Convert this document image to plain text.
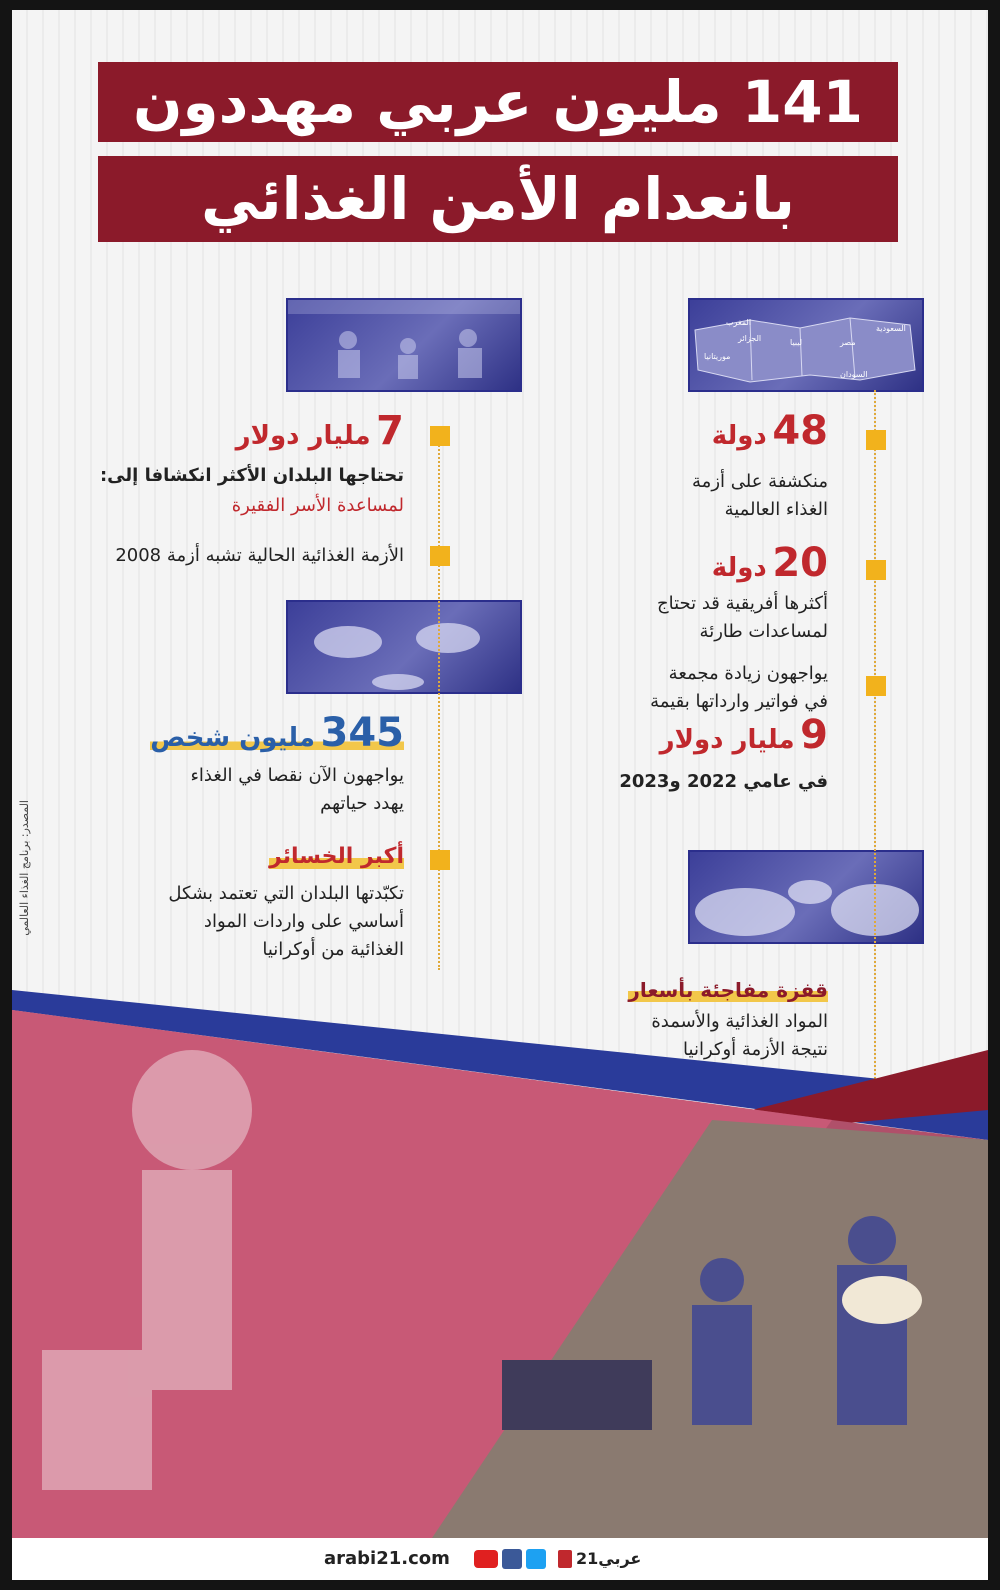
141 مليون عربي مهددون
بانعدام الأمن الغذائي
المغرب
الجزائر	ليبيا	مصر
السعودية
السودان
موريتانيا
7 مليار دولار
تحتاجها البلدان الأكثر انكشافا إلى:
لمساعدة الأسر الفقيرة
الأزمة الغذائية الحالية تشبه أزمة 2008
345 مليون شخص
يواجهون الآن نقصا في الغذاء
يهدد حياتهم
أكبر الخسائر
تكبّدتها البلدان التي تعتمد بشكل
أساسي على واردات المواد
الغذائية من أوكرانيا
48 دولة
منكشفة على أزمة
الغذاء العالمية
20 دولة
أكثرها أفريقية قد تحتاج
لمساعدات طارئة
يواجهون زيادة مجمعة
في فواتير وارداتها بقيمة
9 مليار دولار
في عامي 2022 و2023
قفزة مفاجئة بأسعار
المواد الغذائية والأسمدة
نتيجة الأزمة أوكرانيا
المصدر: برنامج الغذاء العالمي
arabi21.com	عربي21
